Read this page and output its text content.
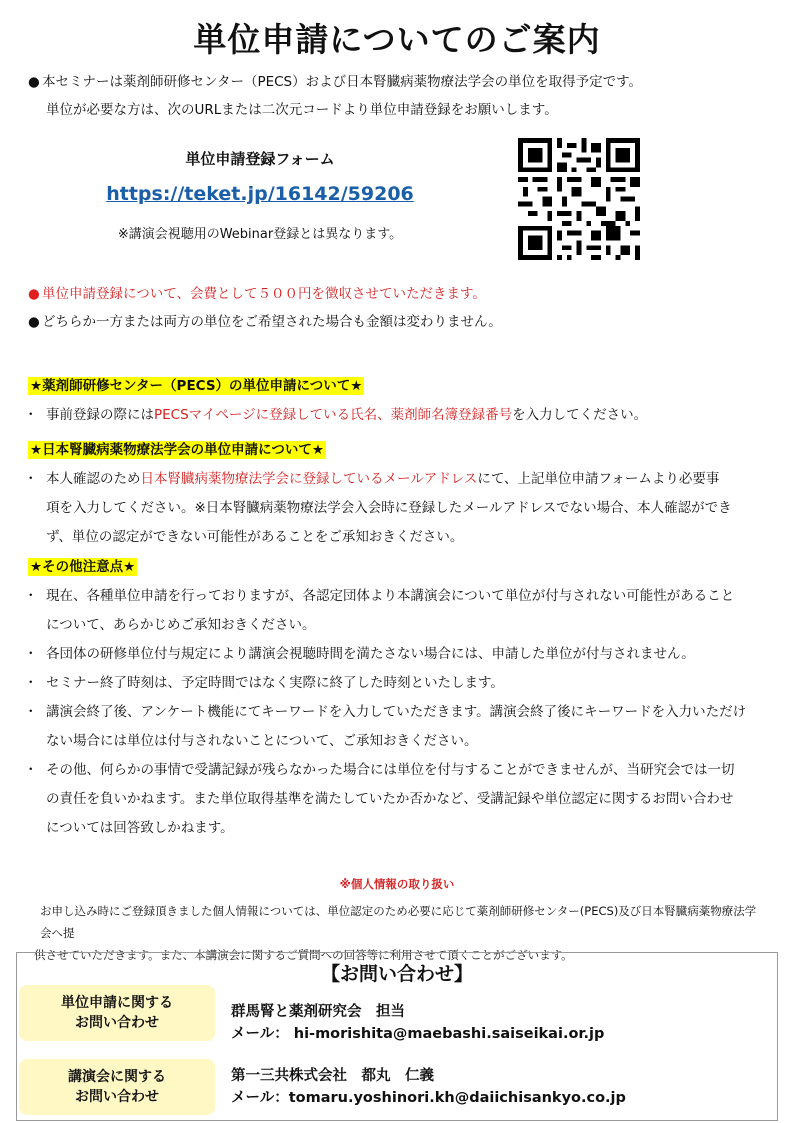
単位申請についてのご案内
● 本セミナーは薬剤師研修センター（PECS）および日本腎臓病薬物療法学会の単位を取得予定です。
単位が必要な方は、次のURLまたは二次元コードより単位申請登録をお願いします。
単位申請登録フォーム
https://teket.jp/16142/59206
※講演会視聴用のWebinar登録とは異なります。
● 単位申請登録について、会費として５００円を徴収させていただきます。
● どちらか一方または両方の単位をご希望された場合も金額は変わりません。
★薬剤師研修センター（PECS）の単位申請について★
・ 事前登録の際にはPECSマイページに登録している氏名、薬剤師名簿登録番号を入力してください。
★日本腎臓病薬物療法学会の単位申請について★
・ 本人確認のため日本腎臓病薬物療法学会に登録しているメールアドレスにて、上記単位申請フォームより必要事
項を入力してください。※日本腎臓病薬物療法学会入会時に登録したメールアドレスでない場合、本人確認ができ
ず、単位の認定ができない可能性があることをご承知おきください。
★その他注意点★
・ 現在、各種単位申請を行っておりますが、各認定団体より本講演会について単位が付与されない可能性があること
について、あらかじめご承知おきください。
・ 各団体の研修単位付与規定により講演会視聴時間を満たさない場合には、申請した単位が付与されません。
・ セミナー終了時刻は、予定時間ではなく実際に終了した時刻といたします。
・ 講演会終了後、アンケート機能にてキーワードを入力していただきます。講演会終了後にキーワードを入力いただけ
ない場合には単位は付与されないことについて、ご承知おきください。
・ その他、何らかの事情で受講記録が残らなかった場合には単位を付与することができませんが、当研究会では一切
の責任を負いかねます。また単位取得基準を満たしていたか否かなど、受講記録や単位認定に関するお問い合わせ
については回答致しかねます。
※個人情報の取り扱い
お申し込み時にご登録頂きました個人情報については、単位認定のため必要に応じて薬剤師研修センター(PECS)及び日本腎臓病薬物療法学会へ提
供させていただきます。また、本講演会に関するご質問への回答等に利用させて頂くことがございます。
【お問い合わせ】
単位申請に関する
お問い合わせ
群馬腎と薬剤研究会　担当
メール： hi-morishita@maebashi.saiseikai.or.jp
講演会に関する
お問い合わせ
第一三共株式会社　都丸　仁義
メール：tomaru.yoshinori.kh@daiichisankyo.co.jp
